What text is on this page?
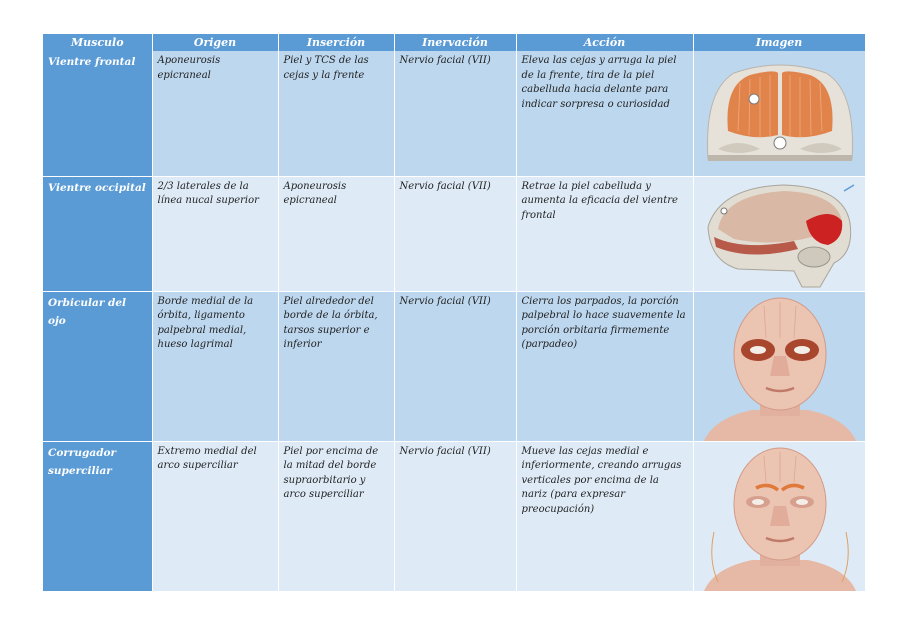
Musculo	Origen	Inserción	Inervación	Acción	Imagen
Vientre frontal	Aponeurosis epicraneal	Piel y TCS de las cejas y la frente	Nervio facial (VII)	Eleva las cejas y arruga la piel de la frente, tira de la piel cabelluda hacia delante para indicar sorpresa o curiosidad	

Vientre occipital	2/3 laterales de la línea nucal superior	Aponeurosis epicraneal	Nervio facial (VII)	Retrae la piel cabelluda y aumenta la eficacia del vientre frontal	

Orbicular del ojo	Borde medial de la órbita, ligamento palpebral medial, hueso lagrimal	Piel alrededor del borde de la órbita, tarsos superior e inferior	Nervio facial (VII)	Cierra los parpados, la porción palpebral lo hace suavemente la porción orbitaria firmemente (parpadeo)	

Corrugador superciliar	Extremo medial del arco superciliar	Piel por encima de la mitad del borde supraorbitario y arco superciliar	Nervio facial (VII)	Mueve las cejas medial e inferiormente, creando arrugas verticales por encima de la nariz (para expresar preocupación)	
